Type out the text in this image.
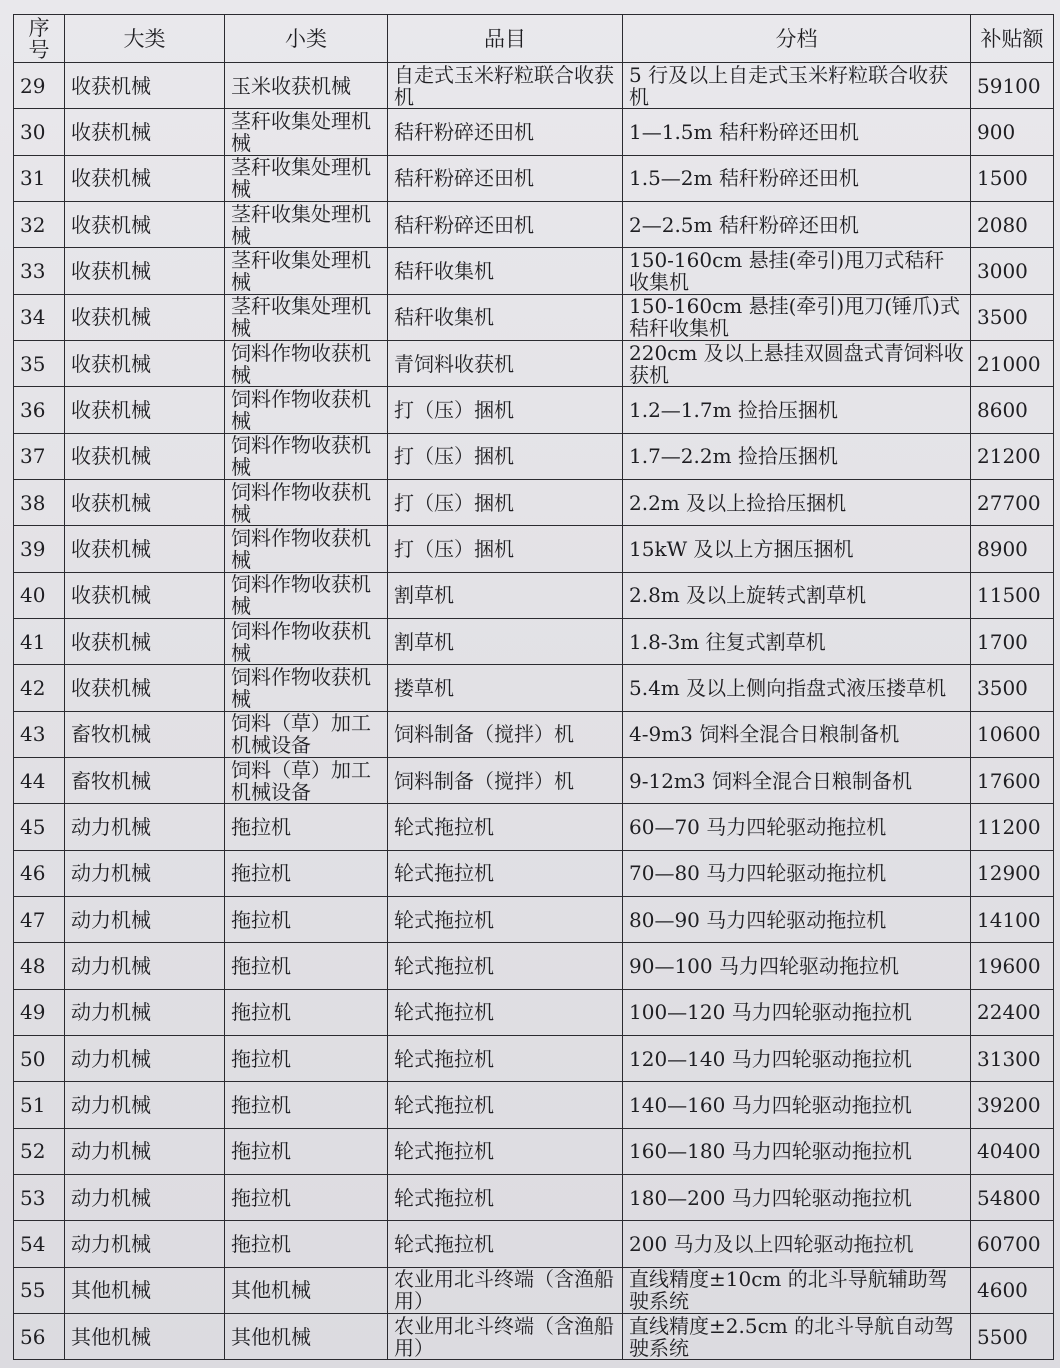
序号	大类	小类	品目	分档	补贴额
29	收获机械	玉米收获机械	自走式玉米籽粒联合收获机	5 行及以上自走式玉米籽粒联合收获机	59100
30	收获机械	茎秆收集处理机械	秸秆粉碎还田机	1—1.5m 秸秆粉碎还田机	900
31	收获机械	茎秆收集处理机械	秸秆粉碎还田机	1.5—2m 秸秆粉碎还田机	1500
32	收获机械	茎秆收集处理机械	秸秆粉碎还田机	2—2.5m 秸秆粉碎还田机	2080
33	收获机械	茎秆收集处理机械	秸秆收集机	150-160cm 悬挂(牵引)甩刀式秸秆收集机	3000
34	收获机械	茎秆收集处理机械	秸秆收集机	150-160cm 悬挂(牵引)甩刀(锤爪)式秸秆收集机	3500
35	收获机械	饲料作物收获机械	青饲料收获机	220cm 及以上悬挂双圆盘式青饲料收获机	21000
36	收获机械	饲料作物收获机械	打（压）捆机	1.2—1.7m 捡拾压捆机	8600
37	收获机械	饲料作物收获机械	打（压）捆机	1.7—2.2m 捡拾压捆机	21200
38	收获机械	饲料作物收获机械	打（压）捆机	2.2m 及以上捡拾压捆机	27700
39	收获机械	饲料作物收获机械	打（压）捆机	15kW 及以上方捆压捆机	8900
40	收获机械	饲料作物收获机械	割草机	2.8m 及以上旋转式割草机	11500
41	收获机械	饲料作物收获机械	割草机	1.8-3m 往复式割草机	1700
42	收获机械	饲料作物收获机械	搂草机	5.4m 及以上侧向指盘式液压搂草机	3500
43	畜牧机械	饲料（草）加工机械设备	饲料制备（搅拌）机	4-9m3 饲料全混合日粮制备机	10600
44	畜牧机械	饲料（草）加工机械设备	饲料制备（搅拌）机	9-12m3 饲料全混合日粮制备机	17600
45	动力机械	拖拉机	轮式拖拉机	60—70 马力四轮驱动拖拉机	11200
46	动力机械	拖拉机	轮式拖拉机	70—80 马力四轮驱动拖拉机	12900
47	动力机械	拖拉机	轮式拖拉机	80—90 马力四轮驱动拖拉机	14100
48	动力机械	拖拉机	轮式拖拉机	90—100 马力四轮驱动拖拉机	19600
49	动力机械	拖拉机	轮式拖拉机	100—120 马力四轮驱动拖拉机	22400
50	动力机械	拖拉机	轮式拖拉机	120—140 马力四轮驱动拖拉机	31300
51	动力机械	拖拉机	轮式拖拉机	140—160 马力四轮驱动拖拉机	39200
52	动力机械	拖拉机	轮式拖拉机	160—180 马力四轮驱动拖拉机	40400
53	动力机械	拖拉机	轮式拖拉机	180—200 马力四轮驱动拖拉机	54800
54	动力机械	拖拉机	轮式拖拉机	200 马力及以上四轮驱动拖拉机	60700
55	其他机械	其他机械	农业用北斗终端（含渔船用）	直线精度±10cm 的北斗导航辅助驾驶系统	4600
56	其他机械	其他机械	农业用北斗终端（含渔船用）	直线精度±2.5cm 的北斗导航自动驾驶系统	5500
